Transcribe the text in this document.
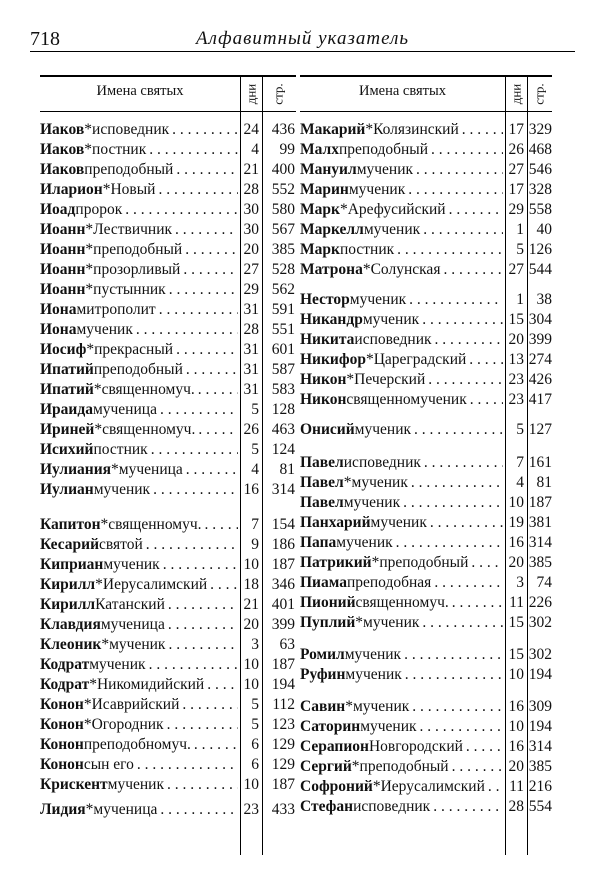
718	Алфавитный указатель
Имена святых	дни стр.
Иаков * исповедник . . .	24 436
Иаков * постник . . .	4	99
Иаков преподобный . . .	21 400
Иларион * Новый . . .	28 552
Иоад пророк . . .	30 580
Иоанн * Лествичник . . .	30 567
Иоанн * преподобный . . .	20 385
Иоанн * прозорливый . . .	27 528
Иоанн * пустынник . . .	29 562
Иона митрополит . . .	31 591
Иона мученик . . .	28 551
Иосиф * прекрасный . . .	31 601
Ипатий преподобный . . .	31 587
Ипатий * священномуч. . . .	31 583
Ираида мученица . . .	5 128
Ириней * священномуч. . . .	26 463
Исихий постник . . .	5 124
Иулиания * мученица . . .	4	81
Иулиан мученик . . .	16 314
Капитон * священномуч. . . .	7 154
Кесарий святой . . .	9 186
Киприан мученик . . .	10 187
Кирилл * Иерусалимский . . . 18 346
Кирилл Катанский . . .	21 401
Клавдия мученица . . .	20 399
Клеоник * мученик . . .	3	63
Кодрат мученик . . .	10 187
Кодрат * Никомидийский . . .	10 194
Конон * Исаврийский . . .	5 112
Конон * Огородник . . .	5 123
Конон преподобномуч. . . .	6 129
Конон сын его . . .	6 129
Крискент мученик . . .	10 187
Лидия * мученица . . .	23 433
Имена святых	дни стр.
Макарий * Колязинский . . .	17 329
Малх преподобный . . .	26 468
Мануил мученик . . .	27 546
Марин мученик . . .	17 328
Марк * Арефусийский . . .	29 558
Маркелл мученик . . .	1 40
Марк постник . . .	5 126
Матрона * Солунская . . .	27 544
Нестор мученик . . .	1 38
Никандр мученик . . .	15 304
Никита исповедник . . .	20 399
Никифор * Цареградский . . .	13 274
Никон * Печерский . . .	23 426
Никон священномученик . . .	23 417
Онисий мученик . . .	5 127
Павел исповедник . . .	7 161
Павел * мученик . . .	4 81
Павел мученик . . .	10 187
Панхарий мученик . . .	19 381
Папа мученик . . .	16 314
Патрикий * преподобный . . .	20 385
Пиама преподобная . . .	3 74
Пионий священномуч. . . .	11 226
Пуплий * мученик . . .	15 302
Ромил мученик . . .	15 302
Руфин мученик . . .	10 194
Савин * мученик . . .	16 309
Саторин мученик . . .	10 194
Серапион Новгородский . . .	16 314
Сергий * преподобный . . .	20 385
Софроний * Иерусалимский . . . 11 216
Стефан исповедник . . .	28 554
